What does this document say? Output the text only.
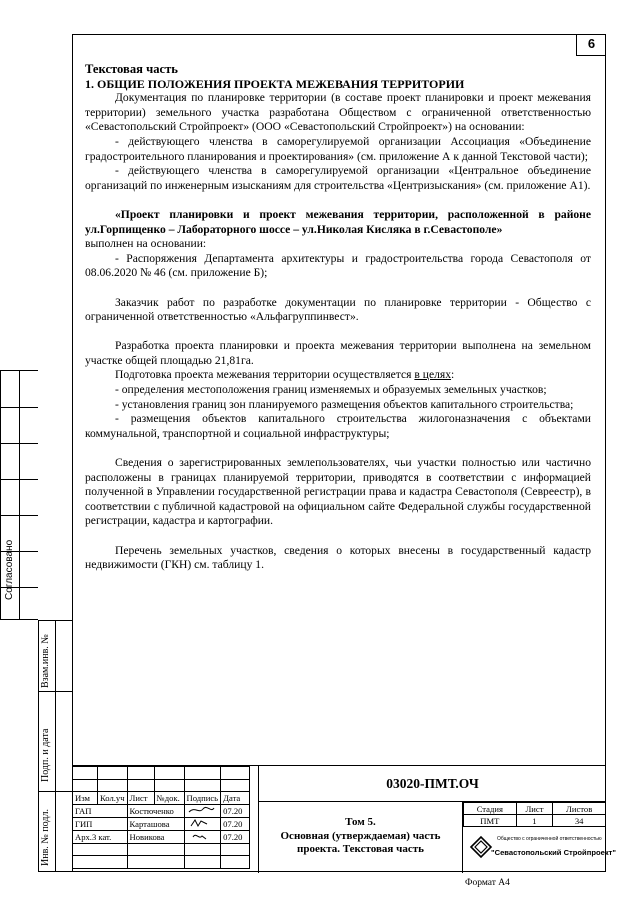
6

Текстовая часть

1. ОБЩИЕ ПОЛОЖЕНИЯ ПРОЕКТА МЕЖЕВАНИЯ ТЕРРИТОРИИ

Документация по планировке территории (в составе проект планировки и проект межевания территории) земельного участка разработана Обществом с ограниченной ответственностью «Севастопольский Стройпроект» (ООО «Севастопольский Стройпроект») на основании:

- действующего членства в саморегулируемой организации Ассоциация «Объединение градостроительного планирования и проектирования» (см. приложение А к данной Текстовой части);

- действующего членства в саморегулируемой организации «Центральное объединение организаций по инженерным изысканиям для строительства «Центризыскания» (см. приложение А1).

«Проект планировки и проект межевания территории, расположенной в районе ул.Горпищенко – Лабораторного шоссе – ул.Николая Кисляка в г.Севастополе»

выполнен на основании:

- Распоряжения Департамента архитектуры и градостроительства города Севастополя от 08.06.2020 № 46 (см. приложение Б);

Заказчик работ по разработке документации по планировке территории - Общество с ограниченной ответственностью «Альфагруппинвест».

Разработка проекта планировки и проекта межевания территории выполнена на земельном участке общей площадью 21,81га.

Подготовка проекта межевания территории осуществляется в целях:

- определения местоположения границ изменяемых и образуемых земельных участков;

- установления границ зон планируемого размещения объектов капитального строительства;

- размещения объектов капитального строительства жилогоназначения с объектами коммунальной, транспортной и социальной инфраструктуры;

Сведения о зарегистрированных землепользователях, чьи участки полностью или частично расположены в границах планируемой территории, приводятся в соответствии с информацией полученной в Управлении государственной регистрации права и кадастра Севастополя (Севреестр), в соответствии с публичной кадастровой на официальном сайте Федеральной службы государственной регистрации, кадастра и картографии.

Перечень земельных участков, сведения о которых внесены в государственный кадастр недвижимости (ГКН) см. таблицу 1.

Согласовано
Взам.инв. №
Подп. и дата
Инв. № подл.

Изм	Кол.уч	Лист	№док.	Подпись	Дата
ГАП		Костюченко			07.20
ГИП		Карташова			07.20
Арх.3 кат.		Новикова			07.20

03020-ПМТ.ОЧ
Том 5.
Основная (утверждаемая) часть проекта. Текстовая часть
Стадия	Лист	Листов
ПМТ	1	34
Общество с ограниченной ответственностью
"Севастопольский Стройпроект"
Формат А4
